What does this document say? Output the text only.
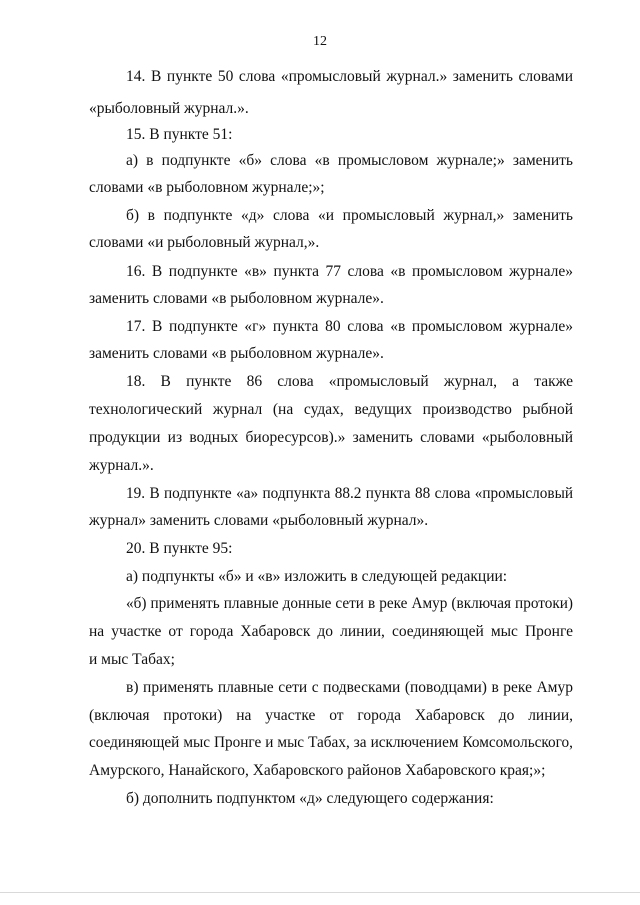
12
14. В пункте 50 слова «промысловый журнал.» заменить словами
«рыболовный журнал.».
15. В пункте 51:
а) в подпункте «б» слова «в промысловом журнале;» заменить
словами «в рыболовном журнале;»;
б) в подпункте «д» слова «и промысловый журнал,» заменить
словами «и рыболовный журнал,».
16. В подпункте «в» пункта 77 слова «в промысловом журнале»
заменить словами «в рыболовном журнале».
17. В подпункте «г» пункта 80 слова «в промысловом журнале»
заменить словами «в рыболовном журнале».
18. В пункте 86 слова «промысловый журнал, а также
технологический журнал (на судах, ведущих производство рыбной
продукции из водных биоресурсов).» заменить словами «рыболовный
журнал.».
19. В подпункте «а» подпункта 88.2 пункта 88 слова «промысловый
журнал» заменить словами «рыболовный журнал».
20. В пункте 95:
а) подпункты «б» и «в» изложить в следующей редакции:
«б) применять плавные донные сети в реке Амур (включая протоки)
на участке от города Хабаровск до линии, соединяющей мыс Пронге
и мыс Табах;
в) применять плавные сети с подвесками (поводцами) в реке Амур
(включая протоки) на участке от города Хабаровск до линии,
соединяющей мыс Пронге и мыс Табах, за исключением Комсомольского,
Амурского, Нанайского, Хабаровского районов Хабаровского края;»;
б) дополнить подпунктом «д» следующего содержания:
